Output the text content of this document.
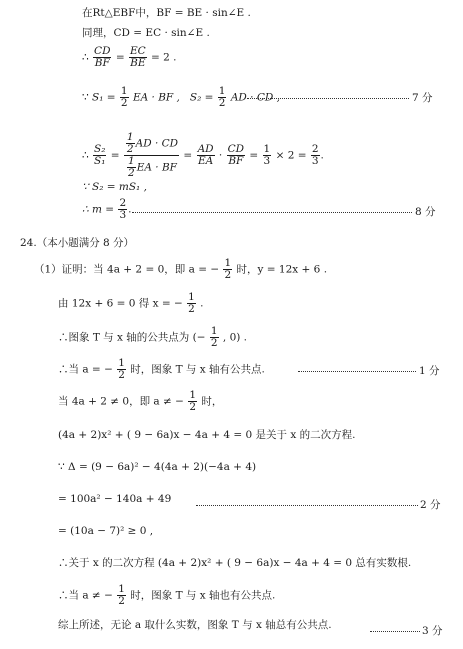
在Rt△EBF中，BF = BE · sin∠E .
同理，CD = EC · sin∠E .
∴ $\frac{CD}{BF} = \frac{EC}{BE} = 2$ .
∵ $S_1 = \frac{1}{2}$ EA · BF , $S_2 = \frac{1}{2}$ AD · CD ,	7 分
∴ $\frac{\text{S₂}}{\text{S₁}} = \frac{\frac{1}{2} AD \cdot CD}{\frac{1}{2} EA \cdot BF} = \frac{AD}{EA} \cdot \frac{CD}{BF} = \frac{1}{3} \times 2 = \frac{2}{3}$ .
∵ S₂ = mS₁ ,
∴ $m = \frac{2}{3}$ .	8 分
24.（本小题满分 8 分）
（1）证明：当 4a + 2 = 0，即 a = − $\frac{1}{2}$ 时，y = 12x + 6 .
由 12x + 6 = 0 得 x = − $\frac{1}{2}$ .
∴图象 T 与 x 轴的公共点为 (− $\frac{1}{2}$ , 0) .
∴当 a = − $\frac{1}{2}$ 时，图象 T 与 x 轴有公共点.	1 分
当 4a + 2 ≠ 0，即 a ≠ − $\frac{1}{2}$ 时，
(4a + 2)x² + ( 9 − 6a)x − 4a + 4 = 0 是关于 x 的二次方程.
∵ Δ = (9 − 6a)² − 4(4a + 2)(−4a + 4)
= 100a² − 140a + 49	2 分
= (10a − 7)² ≥ 0 ,
∴关于 x 的二次方程 (4a + 2)x² + ( 9 − 6a)x − 4a + 4 = 0 总有实数根.
∴当 a ≠ − $\frac{1}{2}$ 时，图象 T 与 x 轴也有公共点.
综上所述，无论 a 取什么实数，图象 T 与 x 轴总有公共点.	3 分
